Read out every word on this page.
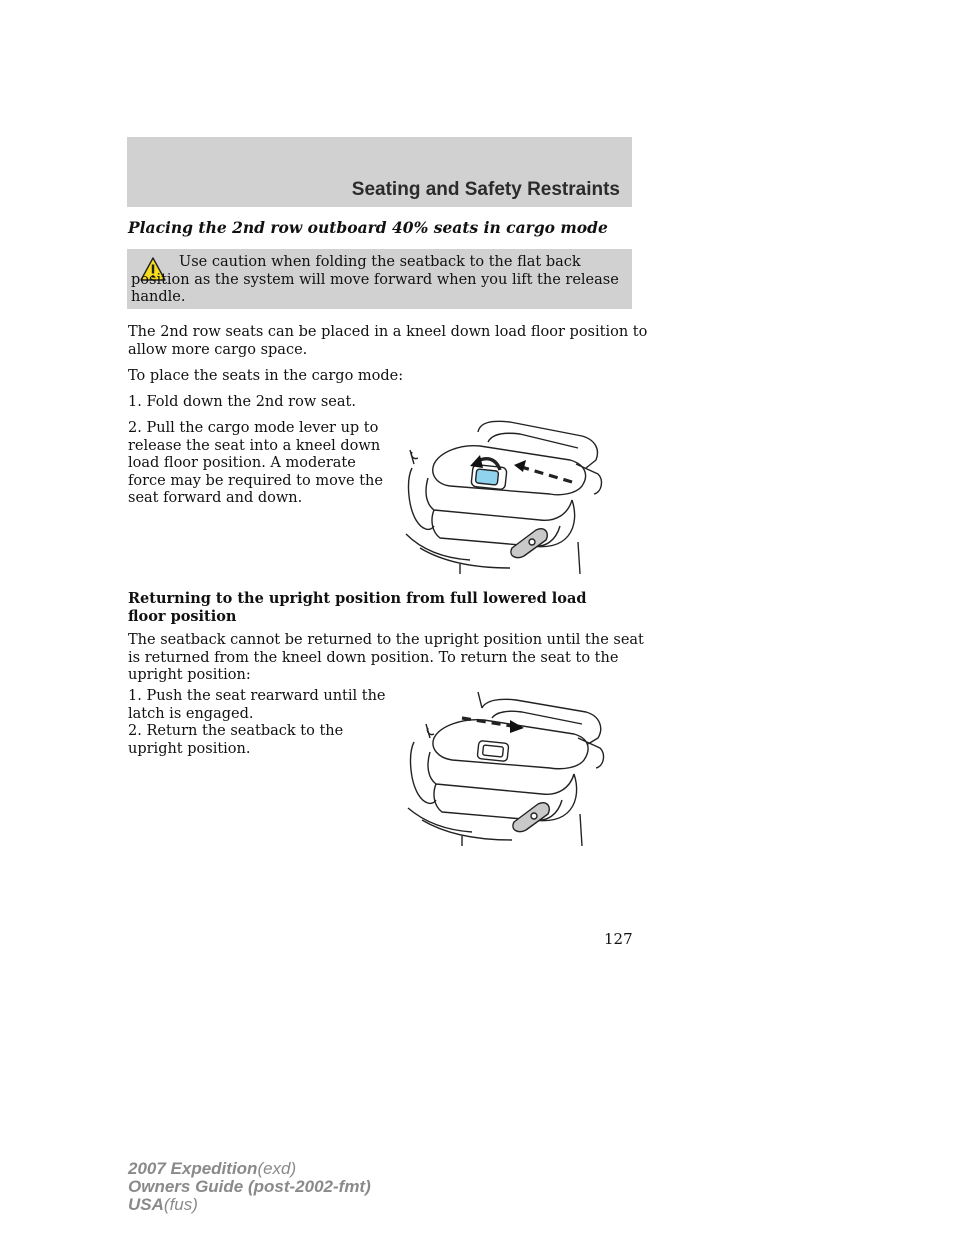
Seating and Safety Restraints
Placing the 2nd row outboard 40% seats in cargo mode
Use caution when folding the seatback to the flat back position as the system will move forward when you lift the release handle.
The 2nd row seats can be placed in a kneel down load floor position to allow more cargo space.
To place the seats in the cargo mode:
1. Fold down the 2nd row seat.
2. Pull the cargo mode lever up to release the seat into a kneel down load floor position. A moderate force may be required to move the seat forward and down.
Returning to the upright position from full lowered load floor position
The seatback cannot be returned to the upright position until the seat is returned from the kneel down position. To return the seat to the upright position:
1. Push the seat rearward until the latch is engaged.
2. Return the seatback to the upright position.
127
2007 Expedition(exd)
Owners Guide (post-2002-fmt)
USA(fus)
